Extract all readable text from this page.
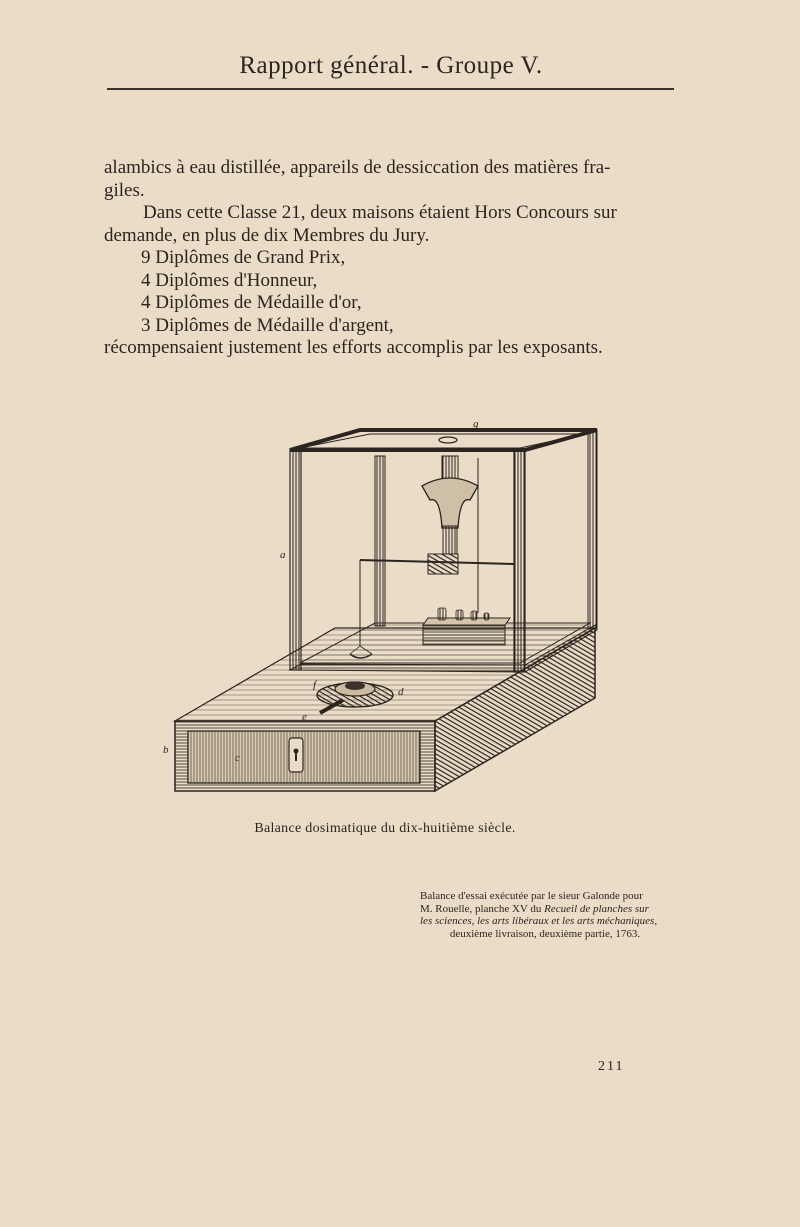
Rapport général. - Groupe V.

alambics à eau distillée, appareils de dessiccation des matières fra-

giles.

Dans cette Classe 21, deux maisons étaient Hors Concours sur

demande, en plus de dix Membres du Jury.

9 Diplômes de Grand Prix,

4 Diplômes d'Honneur,

4 Diplômes de Médaille d'or,

3 Diplômes de Médaille d'argent,

récompensaient justement les efforts accomplis par les exposants.

g
a
b
c
d
e
f
Balance dosimatique du dix-huitième siècle.
Balance d'essai exécutée par le sieur Galonde pour
M. Rouelle, planche XV du Recueil de planches sur
les sciences, les arts libéraux et les arts méchaniques,

deuxième livraison, deuxième partie, 1763.
211
